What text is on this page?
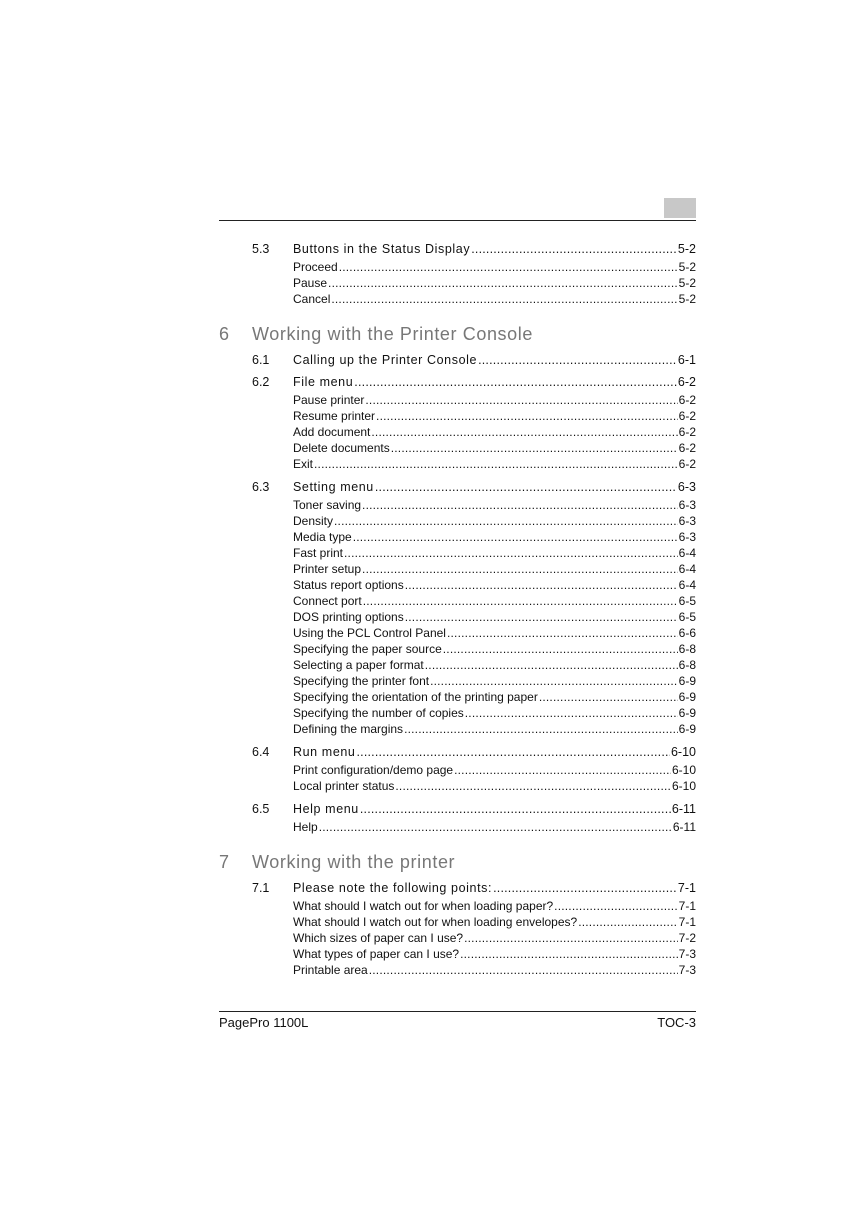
5.3 Buttons in the Status Display .....	5-2
Proceed .....	5-2
Pause .....	5-2
Cancel .....	5-2
6 Working with the Printer Console
6.1 Calling up the Printer Console .....	6-1
6.2 File menu .....	6-2
Pause printer .....	6-2
Resume printer .....	6-2
Add document .....	6-2
Delete documents .....	6-2
Exit .....	6-2
6.3 Setting menu .....	6-3
Toner saving .....	6-3
Density .....	6-3
Media type .....	6-3
Fast print .....	6-4
Printer setup .....	6-4
Status report options .....	6-4
Connect port .....	6-5
DOS printing options .....	6-5
Using the PCL Control Panel .....	6-6
Specifying the paper source .....	6-8
Selecting a paper format .....	6-8
Specifying the printer font .....	6-9
Specifying the orientation of the printing paper .....	6-9
Specifying the number of copies .....	6-9
Defining the margins .....	6-9
6.4 Run menu .....	6-10
Print configuration/demo page .....	6-10
Local printer status .....	6-10
6.5 Help menu .....	6-11
Help .....	6-11
7 Working with the printer
7.1 Please note the following points: .....	7-1
What should I watch out for when loading paper? .....	7-1
What should I watch out for when loading envelopes? .....	7-1
Which sizes of paper can I use? .....	7-2
What types of paper can I use? .....	7-3
Printable area .....	7-3
PagePro 1100L	TOC-3
